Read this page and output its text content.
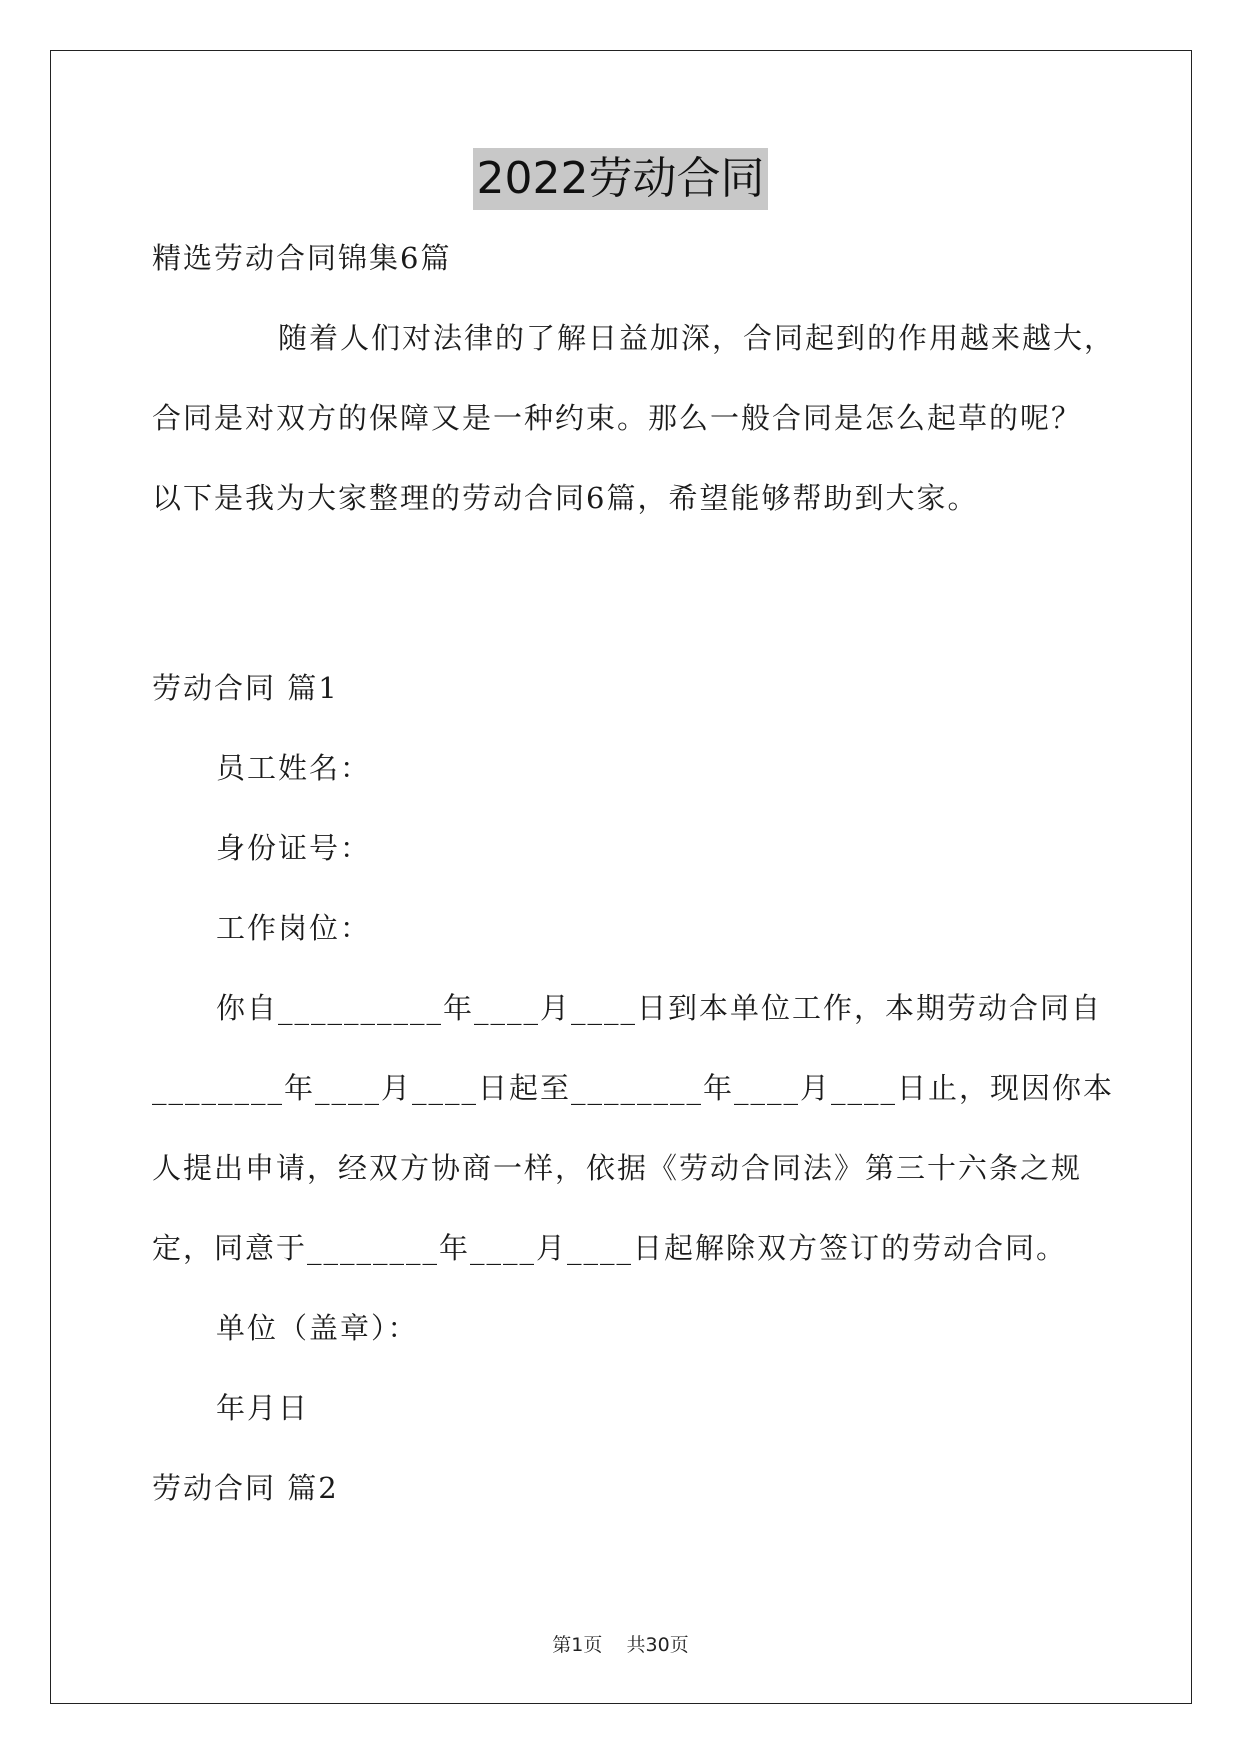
2022劳动合同
精选劳动合同锦集6篇
随着人们对法律的了解日益加深，合同起到的作用越来越大，
合同是对双方的保障又是一种约束。那么一般合同是怎么起草的呢？
以下是我为大家整理的劳动合同6篇，希望能够帮助到大家。
劳动合同 篇1
员工姓名：
身份证号：
工作岗位：
你自__________年____月____日到本单位工作，本期劳动合同自
________年____月____日起至________年____月____日止，现因你本
人提出申请，经双方协商一样，依据《劳动合同法》第三十六条之规
定，同意于________年____月____日起解除双方签订的劳动合同。
单位（盖章）：
年月日
劳动合同 篇2
第1页    共30页
